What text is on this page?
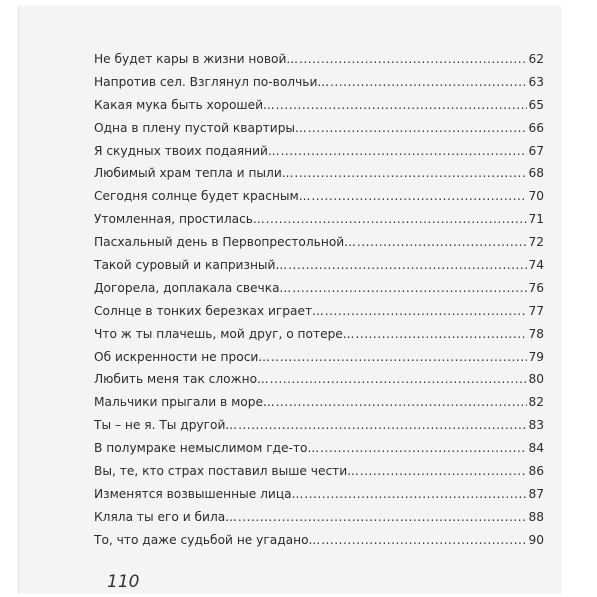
Не будет кары в жизни новой... .....	62
Напротив сел. Взглянул по-волчьи... .....	63
Какая мука быть хорошей... .....	65
Одна в плену пустой квартиры... .....	66
Я скудных твоих подаяний... .....	67
Любимый храм тепла и пыли... .....	68
Сегодня солнце будет красным... .....	70
Утомленная, простилась... .....	71
Пасхальный день в Первопрестольной... .....	72
Такой суровый и капризный... .....	74
Догорела, доплакала свечка... .....	76
Солнце в тонких березках играет... .....	77
Что ж ты плачешь, мой друг, о потере... .....	78
Об искренности не проси... .....	79
Любить меня так сложно... .....	80
Мальчики прыгали в море... .....	82
Ты – не я. Ты другой... .....	83
В полумраке немыслимом где-то... .....	84
Вы, те, кто страх поставил выше чести... .....	86
Изменятся возвышенные лица... .....	87
Кляла ты его и била... .....	88
То, что даже судьбой не угадано... .....	90
110
